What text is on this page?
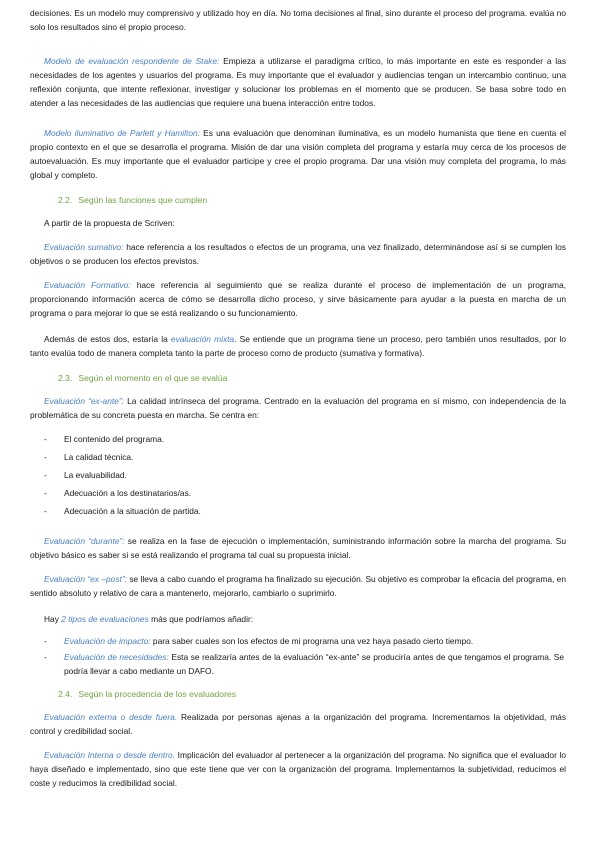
decisiones. Es un modelo muy comprensivo y utilizado hoy en día. No toma decisiones al final, sino durante el proceso del programa. evalúa no solo los resultados sino el propio proceso.

Modelo de evaluación respondente de Stake: Empieza a utilizarse el paradigma crítico, lo más importante en este es responder a las necesidades de los agentes y usuarios del programa. Es muy importante que el evaluador y audiencias tengan un intercambio continuo, una reflexión conjunta, que intente reflexionar, investigar y solucionar los problemas en el momento que se producen. Se basa sobre todo en atender a las necesidades de las audiencias que requiere una buena interacción entre todos.

Modelo iluminativo de Parlett y Hamilton: Es una evaluación que denominan iluminativa, es un modelo humanista que tiene en cuenta el propio contexto en el que se desarrolla el programa. Misión de dar una visión completa del programa y estaría muy cerca de los procesos de autoevaluación. Es muy importante que el evaluador participe y cree el propio programa. Dar una visión muy completa del programa, lo más global y completo.

2.2. Según las funciones que cumplen

A partir de la propuesta de Scriven:

Evaluación sumativo: hace referencia a los resultados o efectos de un programa, una vez finalizado, determinándose así si se cumplen los objetivos o se producen los efectos previstos.

Evaluación Formativo: hace referencia al seguimiento que se realiza durante el proceso de implementación de un programa, proporcionando información acerca de cómo se desarrolla dicho proceso, y sirve básicamente para ayudar a la puesta en marcha de un programa o para mejorar lo que se está realizando o su funcionamiento.

Además de estos dos, estaría la evaluación mixta. Se entiende que un programa tiene un proceso, pero también unos resultados, por lo tanto evalúa todo de manera completa tanto la parte de proceso como de producto (sumativa y formativa).

2.3. Según el momento en el que se evalúa

Evaluación “ex-ante”: La calidad intrínseca del programa. Centrado en la evaluación del programa en sí mismo, con independencia de la problemática de su concreta puesta en marcha. Se centra en:

- El contenido del programa.
- La calidad técnica.
- La evaluabilidad.
- Adecuación a los destinatarios/as.
- Adecuación a la situación de partida.

Evaluación “durante”: se realiza en la fase de ejecución o implementación, suministrando información sobre la marcha del programa. Su objetivo básico es saber si se está realizando el programa tal cual su propuesta inicial.

Evaluación “ex –post”: se lleva a cabo cuando el programa ha finalizado su ejecución. Su objetivo es comprobar la eficacia del programa, en sentido absoluto y relativo de cara a mantenerlo, mejorarlo, cambiarlo o suprimirlo.

Hay 2 tipos de evaluaciones más que podríamos añadir:

- Evaluación de impacto: para saber cuales son los efectos de mi programa una vez haya pasado cierto tiempo.
- Evaluación de necesidades: Esta se realizaría antes de la evaluación “ex-ante” se produciría antes de que tengamos el programa. Se podría llevar a cabo mediante un DAFO.
2.4. Según la procedencia de los evaluadores

Evaluación externa o desde fuera. Realizada por personas ajenas a la organización del programa. Incrementamos la objetividad, más control y credibilidad social.

Evaluación Interna o desde dentro. Implicación del evaluador al pertenecer a la organización del programa. No significa que el evaluador lo haya diseñado e implementado, sino que este tiene que ver con la organización del programa. Implementamos la subjetividad, reducimos el coste y reducimos la credibilidad social.
